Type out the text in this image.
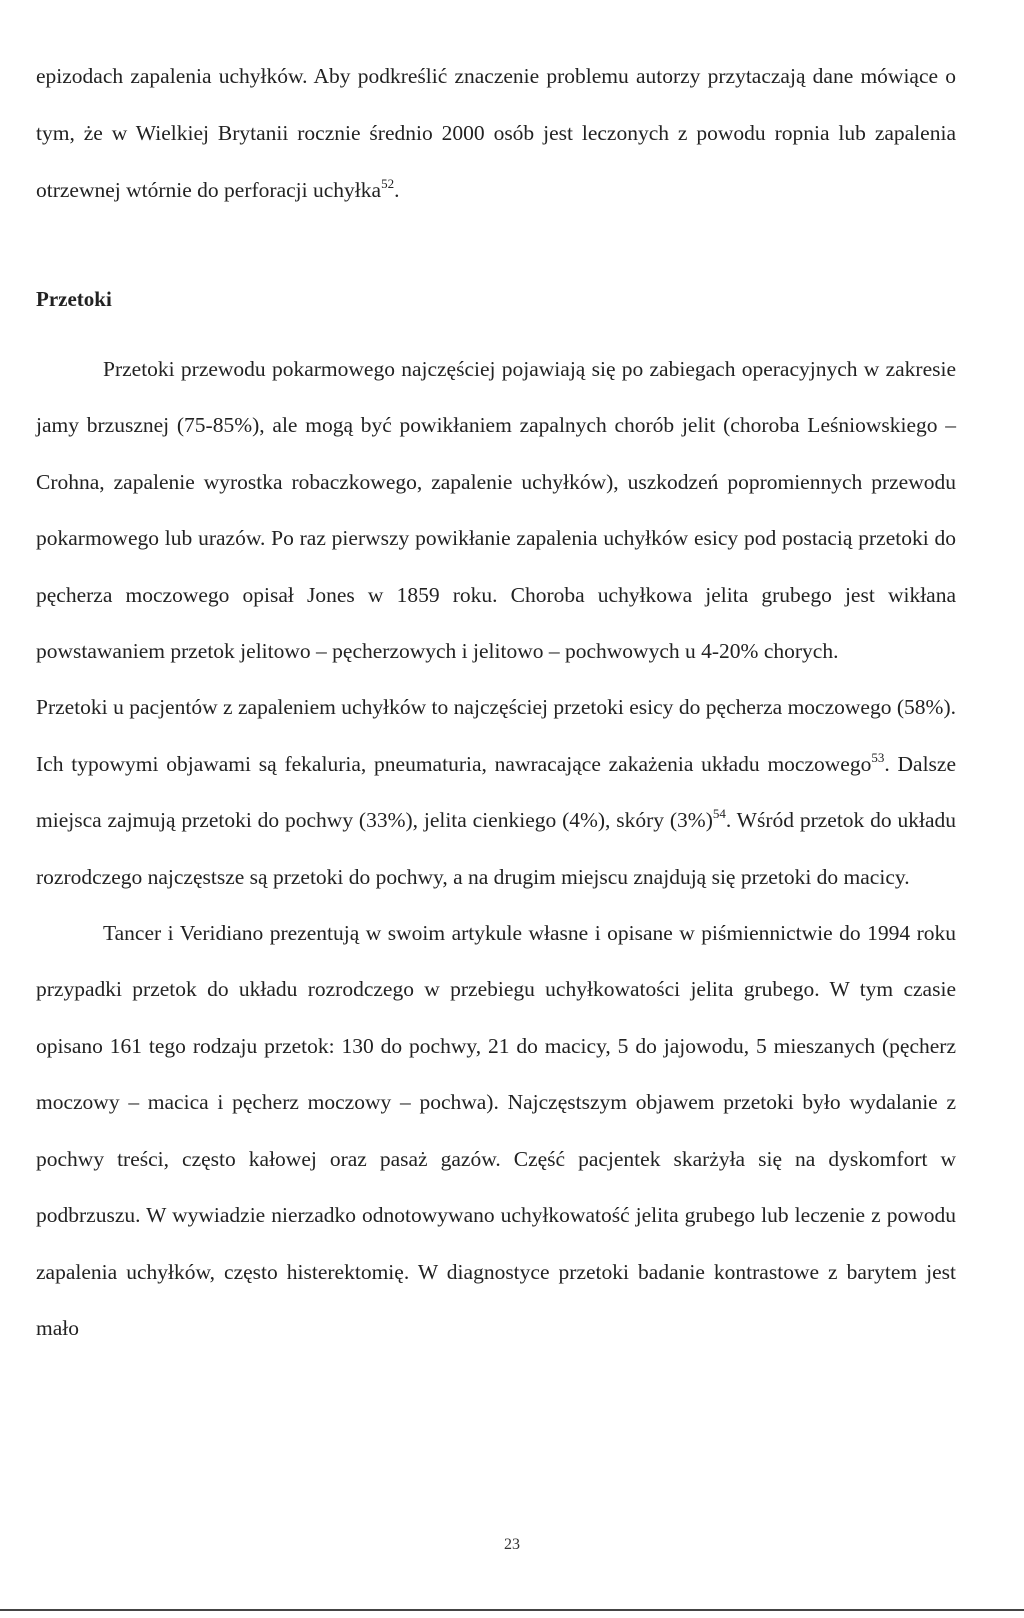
epizodach zapalenia uchyłków. Aby podkreślić znaczenie problemu autorzy przytaczają dane mówiące o tym, że w Wielkiej Brytanii rocznie średnio 2000 osób jest leczonych z powodu ropnia lub zapalenia otrzewnej wtórnie do perforacji uchyłka$^{52}$.

Przetoki

Przetoki przewodu pokarmowego najczęściej pojawiają się po zabiegach operacyjnych w zakresie jamy brzusznej (75-85%), ale mogą być powikłaniem zapalnych chorób jelit (choroba Leśniowskiego – Crohna, zapalenie wyrostka robaczkowego, zapalenie uchyłków), uszkodzeń popromiennych przewodu pokarmowego lub urazów. Po raz pierwszy powikłanie zapalenia uchyłków esicy pod postacią przetoki do pęcherza moczowego opisał Jones w 1859 roku. Choroba uchyłkowa jelita grubego jest wikłana powstawaniem przetok jelitowo – pęcherzowych i jelitowo – pochwowych u 4-20% chorych.

Przetoki u pacjentów z zapaleniem uchyłków to najczęściej przetoki esicy do pęcherza moczowego (58%). Ich typowymi objawami są fekaluria, pneumaturia, nawracające zakażenia układu moczowego$^{53}$. Dalsze miejsca zajmują przetoki do pochwy (33%), jelita cienkiego (4%), skóry $(3\%)^{54}$. Wśród przetok do układu rozrodczego najczęstsze są przetoki do pochwy, a na drugim miejscu znajdują się przetoki do macicy.

Tancer i Veridiano prezentują w swoim artykule własne i opisane w piśmiennictwie do 1994 roku przypadki przetok do układu rozrodczego w przebiegu uchyłkowatości jelita grubego. W tym czasie opisano 161 tego rodzaju przetok: 130 do pochwy, 21 do macicy, 5 do jajowodu, 5 mieszanych (pęcherz moczowy – macica i pęcherz moczowy – pochwa). Najczęstszym objawem przetoki było wydalanie z pochwy treści, często kałowej oraz pasaż gazów. Część pacjentek skarżyła się na dyskomfort w podbrzuszu. W wywiadzie nierzadko odnotowywano uchyłkowatość jelita grubego lub leczenie z powodu zapalenia uchyłków, często histerektomię. W diagnostyce przetoki badanie kontrastowe z barytem jest mało

23
